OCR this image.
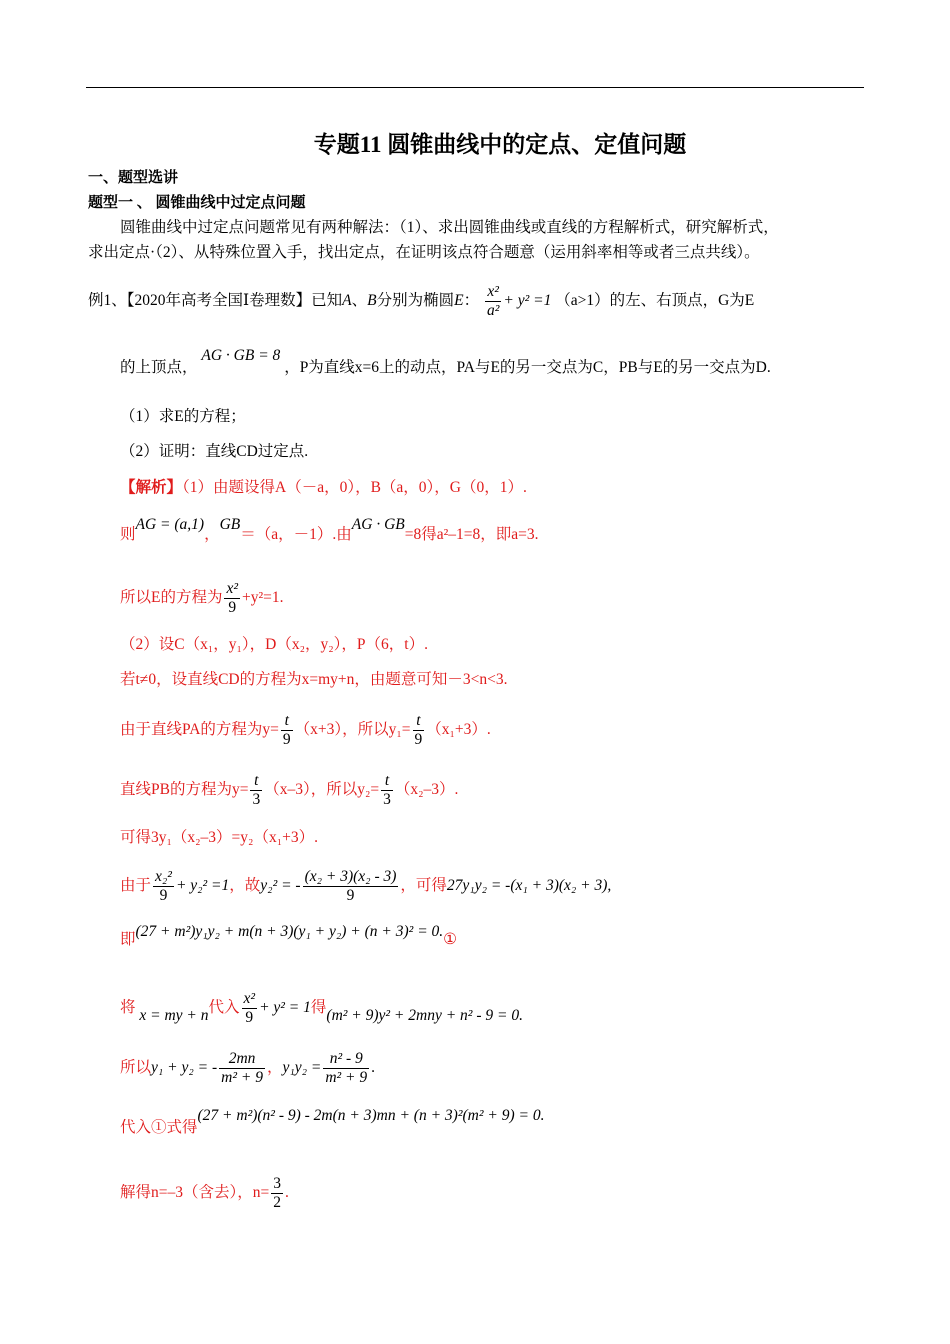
专题11 圆锥曲线中的定点、定值问题
一、题型选讲
题型一 、 圆锥曲线中过定点问题
圆锥曲线中过定点问题常见有两种解法：（1）、求出圆锥曲线或直线的方程解析式，研究解析式，
求出定点·（2）、从特殊位置入手，找出定点，在证明该点符合题意（运用斜率相等或者三点共线）。
例1、【2020年高考全国Ⅰ卷理数】已知A、B分别为椭圆E： $\frac{\text{x²}}{\text{a²}} + y^2 =1$ （a>1）的左、右顶点，G为E
的上顶点， AG · GB = 8 ，P为直线x=6上的动点，PA与E的另一交点为C，PB与E的另一交点为D.
（1）求E的方程；
（2）证明：直线CD过定点.
【解析】（1）由题设得A（－a，0），B（a，0），G（0，1）.
则AG = (a,1)，GB＝（a，－1）.由AG · GB=8得a²–1=8，即a=3.
所以E的方程为 $\frac{\text{x²}}{9} +y^2=1$.
（2）设C（x₁，y₁），D（x₂，y₂），P（6，t）.
若t≠0，设直线CD的方程为x=my+n，由题意可知－3<n<3.
由于直线PA的方程为$y= \frac{t}{9} (x+3)$，所以$y_1= \frac{t}{9} (x_1+3)$.
直线PB的方程为$y= \frac{t}{3} (x-3)$，所以$y_2= \frac{t}{3} (x_2-3)$.
可得3y₁（x₂–3）=y₂（x₁+3）.
由于 $\frac{\text{x₂²}}{9} + y_2^2 =1$，故y₂² = - $\frac{\text{(x₂ + 3)(x₂ - 3)}}{9}$ ，可得27y₁y₂ = -(x₁ + 3)(x₂ + 3),
即(27 + m²)y₁y₂ + m(n + 3)(y₁ + y₂) + (n + 3)² = 0.①
将 x = my + n代入 $\frac{\text{x²}}{9} + y^2 = 1$得(m² + 9)y² + 2mny + n² - 9 = 0.
所以y₁ + y₂ = - $\frac{2mn}{\text{m² + 9}}$ ，$y_1y_2 = \frac{\text{n² - 9}}{\text{m² + 9}}$ .
代入①式得(27 + m²)(n² - 9) - 2m(n + 3)mn + (n + 3)²(m² + 9) = 0.
解得n=–3（含去），$n= \frac{3}{2}$ .
